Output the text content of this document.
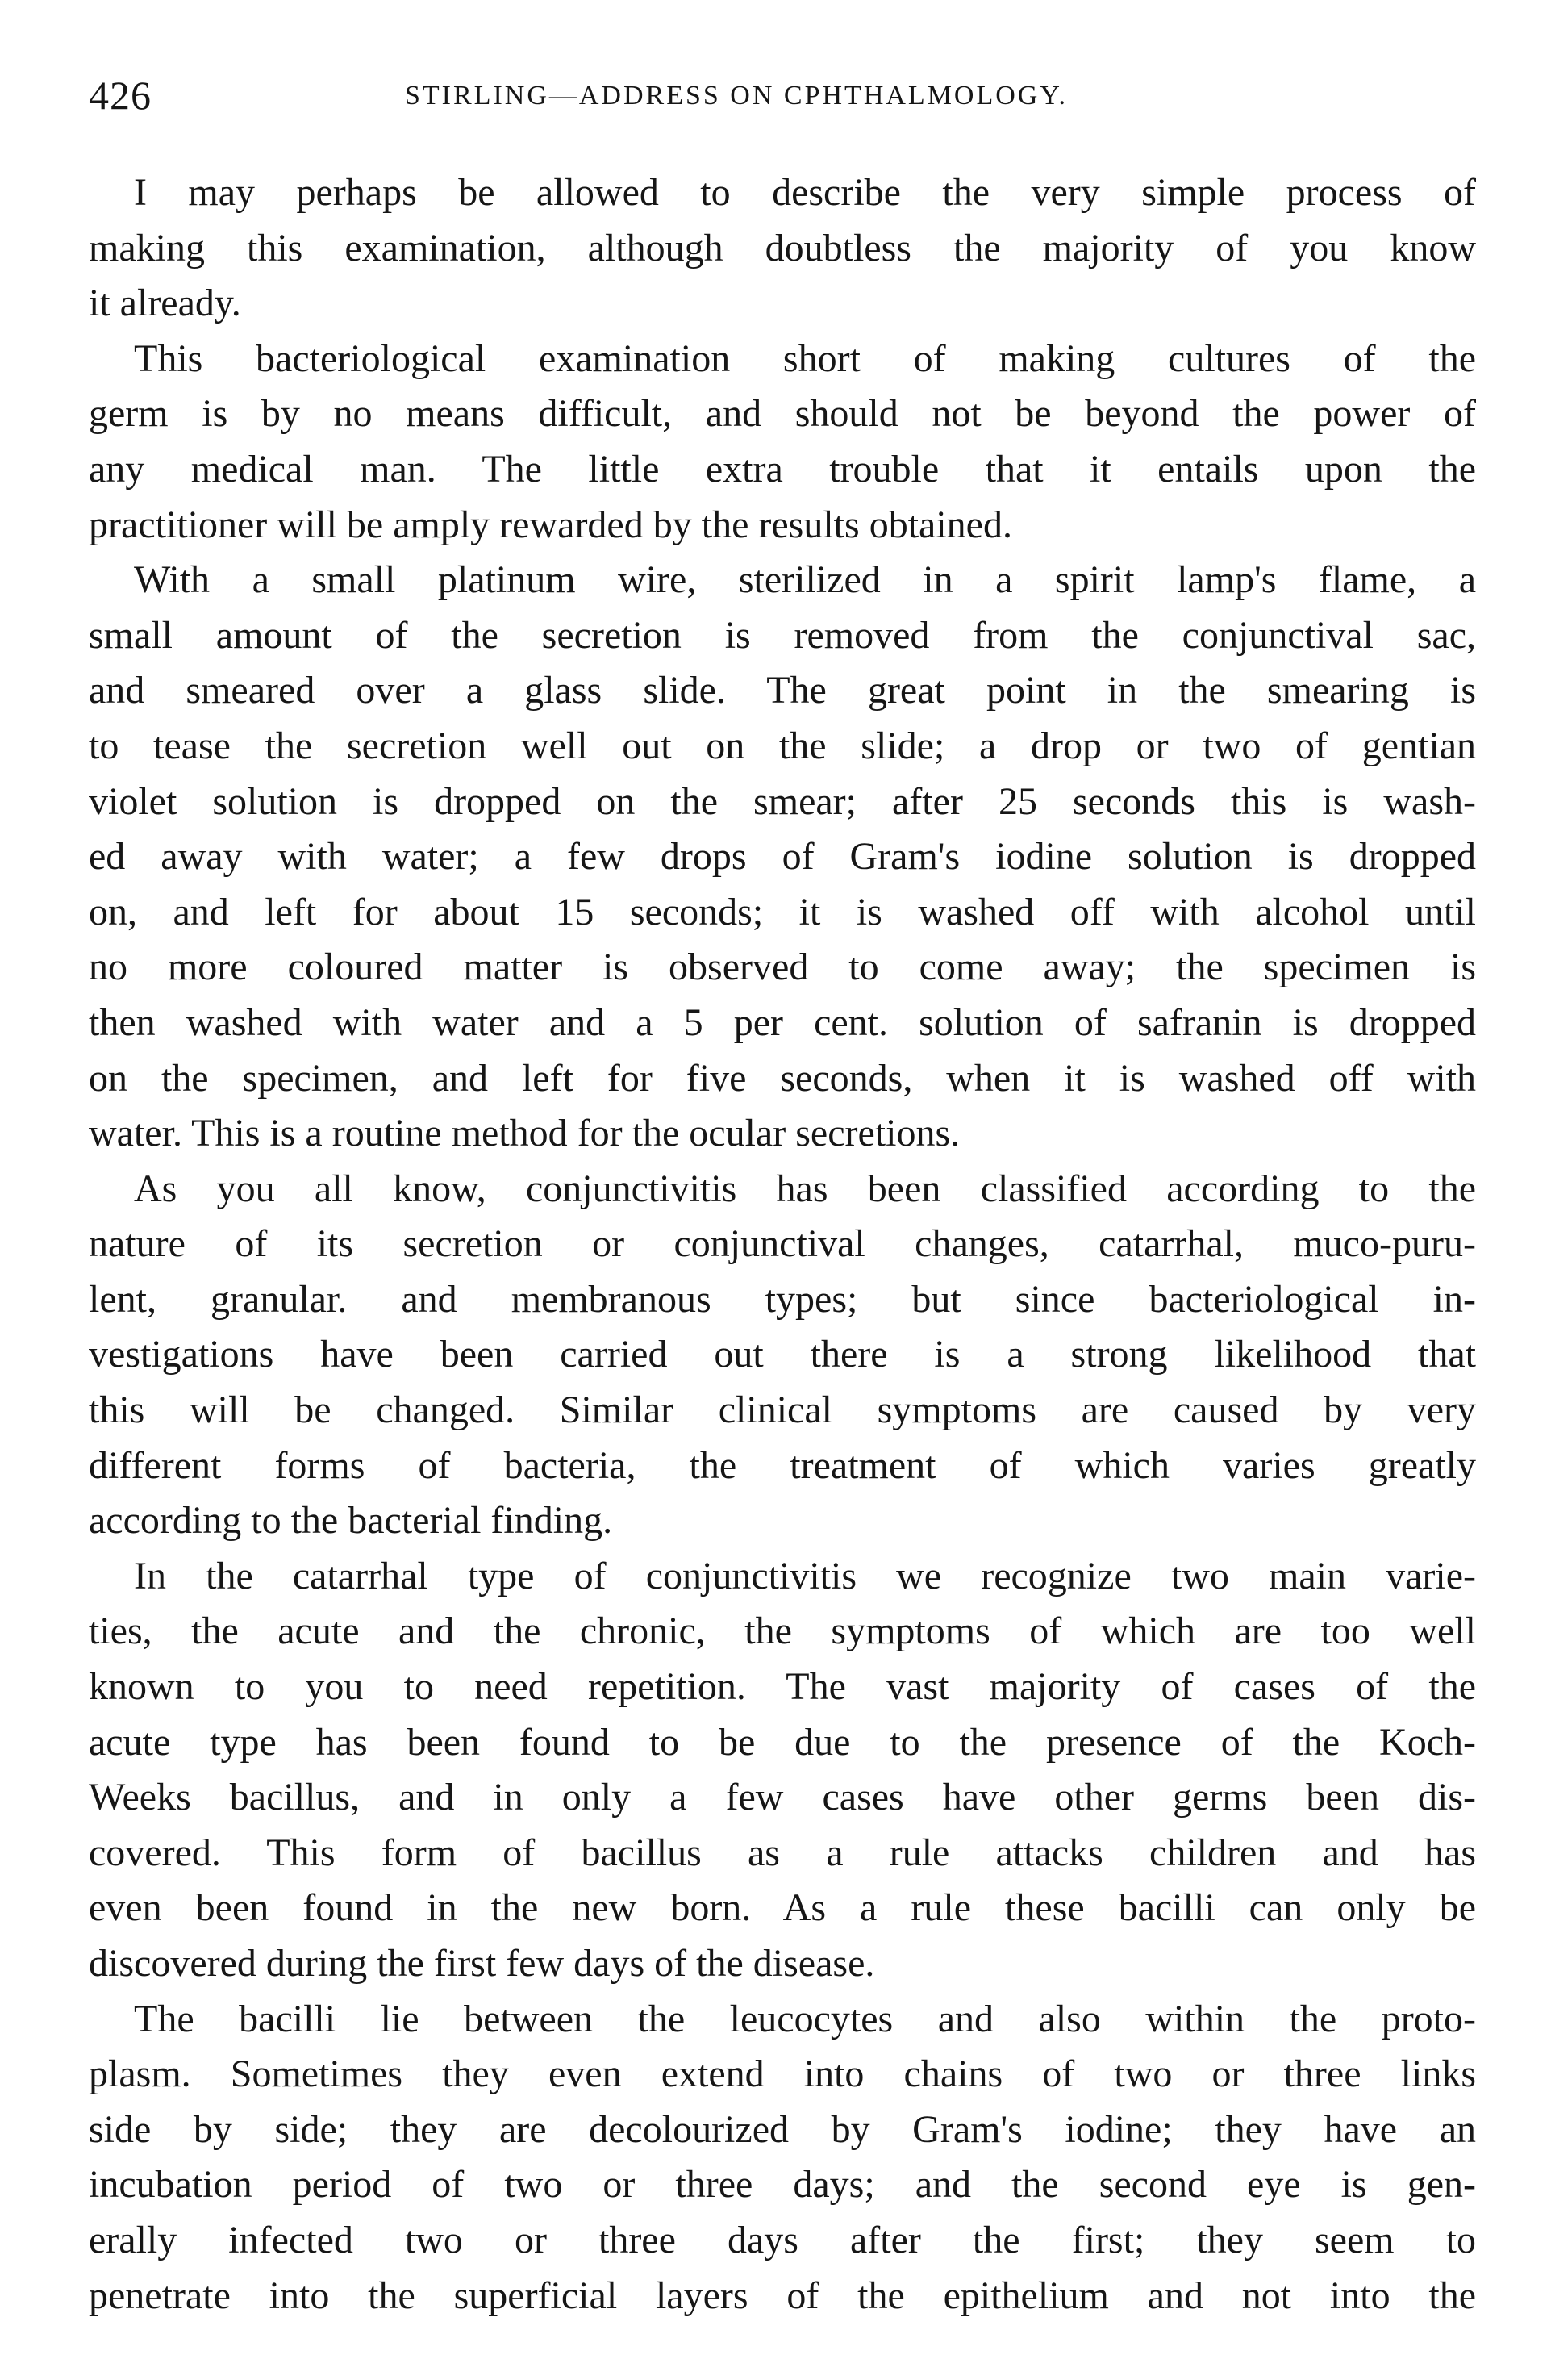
426	STIRLING—ADDRESS ON CPHTHALMOLOGY.
I may perhaps be allowed to describe the very simple process of
making this examination, although doubtless the majority of you know
it already.
This bacteriological examination short of making cultures of the
germ is by no means difficult, and should not be beyond the power of
any medical man. The little extra trouble that it entails upon the
practitioner will be amply rewarded by the results obtained.
With a small platinum wire, sterilized in a spirit lamp's flame, a
small amount of the secretion is removed from the conjunctival sac,
and smeared over a glass slide. The great point in the smearing is
to tease the secretion well out on the slide; a drop or two of gentian
violet solution is dropped on the smear; after 25 seconds this is wash-
ed away with water; a few drops of Gram's iodine solution is dropped
on, and left for about 15 seconds; it is washed off with alcohol until
no more coloured matter is observed to come away; the specimen is
then washed with water and a 5 per cent. solution of safranin is dropped
on the specimen, and left for five seconds, when it is washed off with
water. This is a routine method for the ocular secretions.
As you all know, conjunctivitis has been classified according to the
nature of its secretion or conjunctival changes, catarrhal, muco-puru-
lent, granular. and membranous types; but since bacteriological in-
vestigations have been carried out there is a strong likelihood that
this will be changed. Similar clinical symptoms are caused by very
different forms of bacteria, the treatment of which varies greatly
according to the bacterial finding.
In the catarrhal type of conjunctivitis we recognize two main varie-
ties, the acute and the chronic, the symptoms of which are too well
known to you to need repetition. The vast majority of cases of the
acute type has been found to be due to the presence of the Koch-
Weeks bacillus, and in only a few cases have other germs been dis-
covered. This form of bacillus as a rule attacks children and has
even been found in the new born. As a rule these bacilli can only be
discovered during the first few days of the disease.
The bacilli lie between the leucocytes and also within the proto-
plasm. Sometimes they even extend into chains of two or three links
side by side; they are decolourized by Gram's iodine; they have an
incubation period of two or three days; and the second eye is gen-
erally infected two or three days after the first; they seem to
penetrate into the superficial layers of the epithelium and not into the
